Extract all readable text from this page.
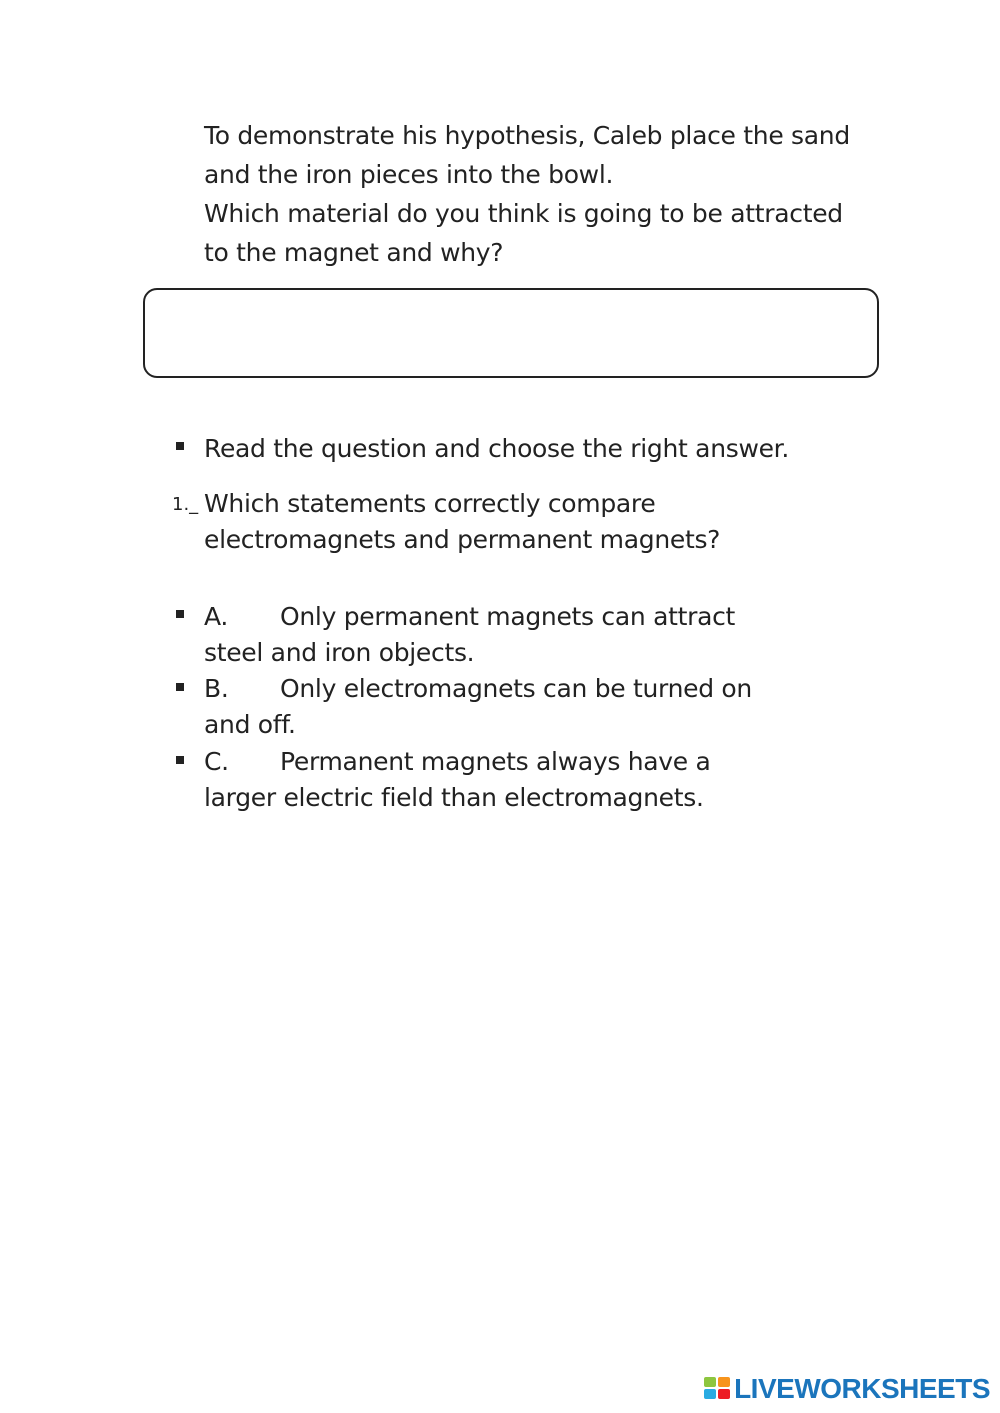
To demonstrate his hypothesis, Caleb place the sand
and the iron pieces into the bowl.
Which material do you think is going to be attracted
to the magnet and why?
Read the question and choose the right answer.
1._ Which statements correctly compare
electromagnets and permanent magnets?
A. Only permanent magnets can attract
steel and iron objects.
B. Only electromagnets can be turned on
and off.
C. Permanent magnets always have a
larger electric field than electromagnets.
LIVEWORKSHEETS
